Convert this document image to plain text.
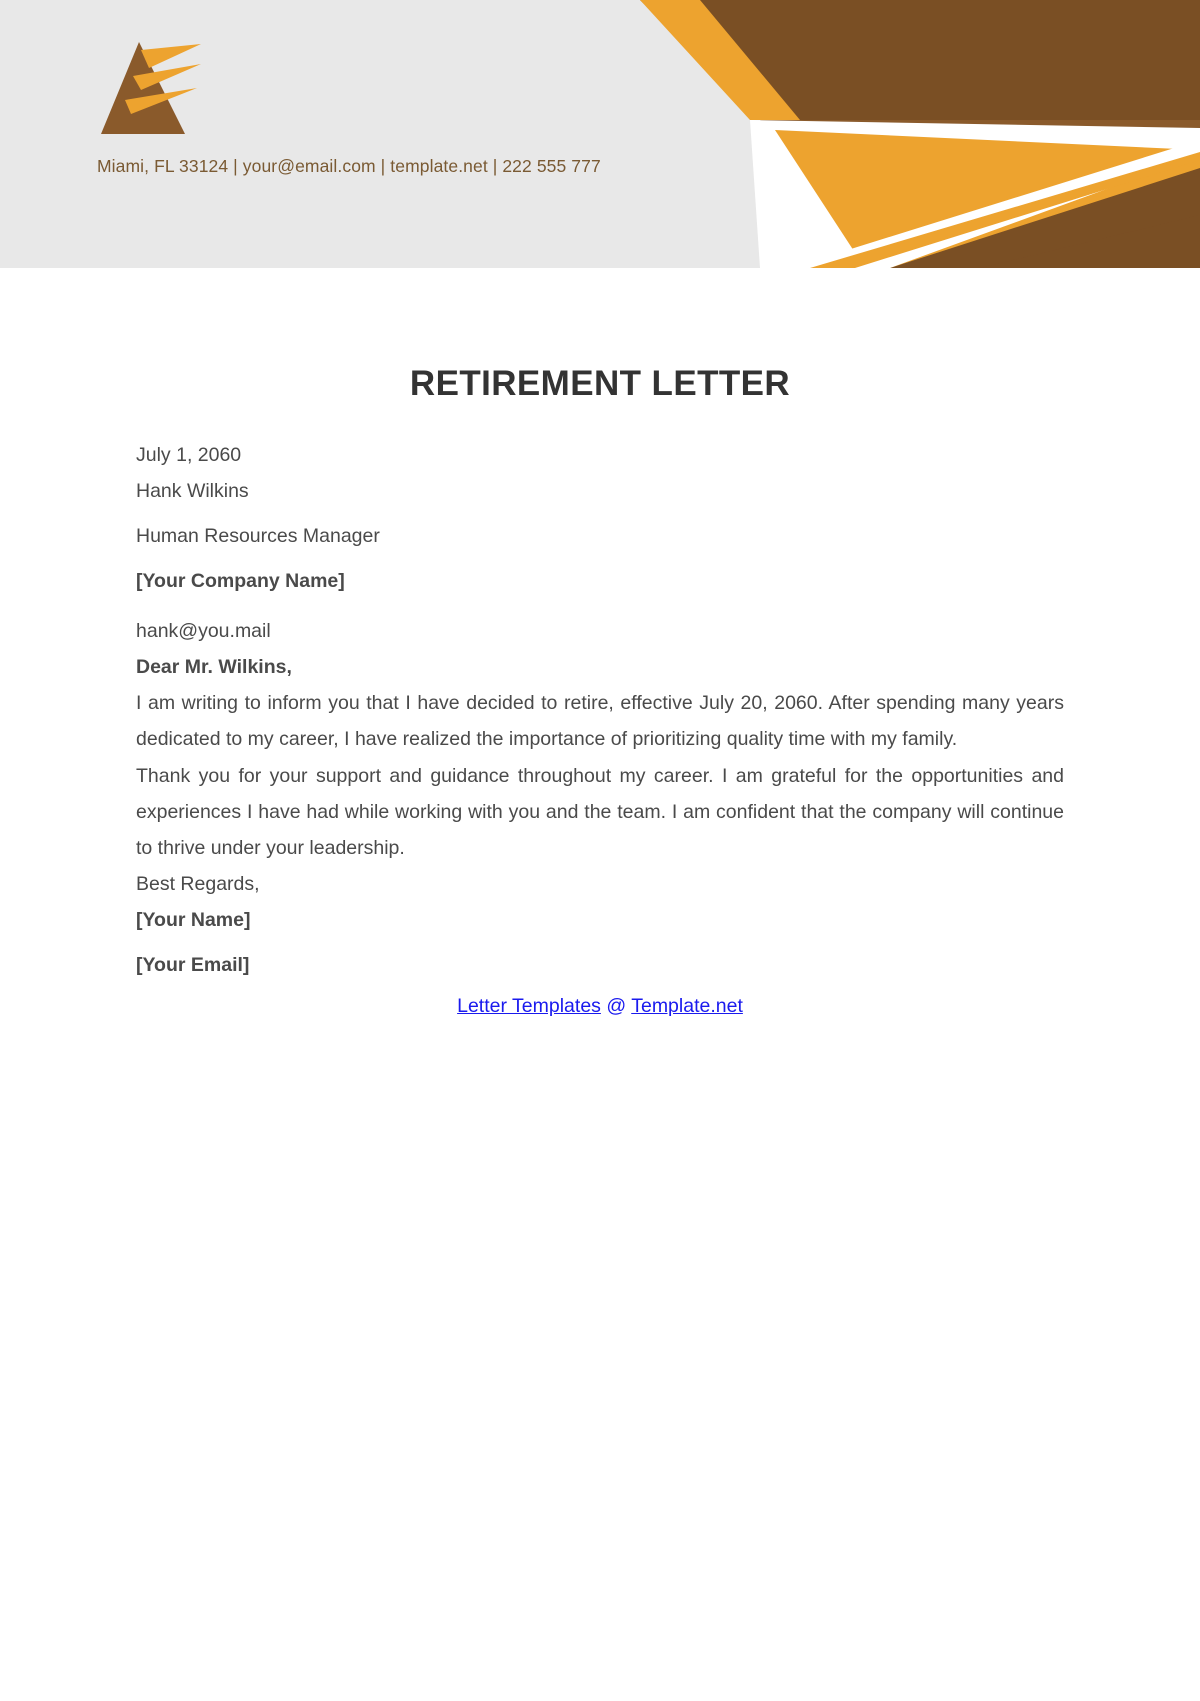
Miami, FL 33124 | your@email.com | template.net | 222 555 777
RETIREMENT LETTER

July 1, 2060

Hank Wilkins

Human Resources Manager

[Your Company Name]

hank@you.mail

Dear Mr. Wilkins,

I am writing to inform you that I have decided to retire, effective July 20, 2060. After spending many years dedicated to my career, I have realized the importance of prioritizing quality time with my family.

Thank you for your support and guidance throughout my career. I am grateful for the opportunities and experiences I have had while working with you and the team. I am confident that the company will continue to thrive under your leadership.

Best Regards,

[Your Name]

[Your Email]

Letter Templates @ Template.net
